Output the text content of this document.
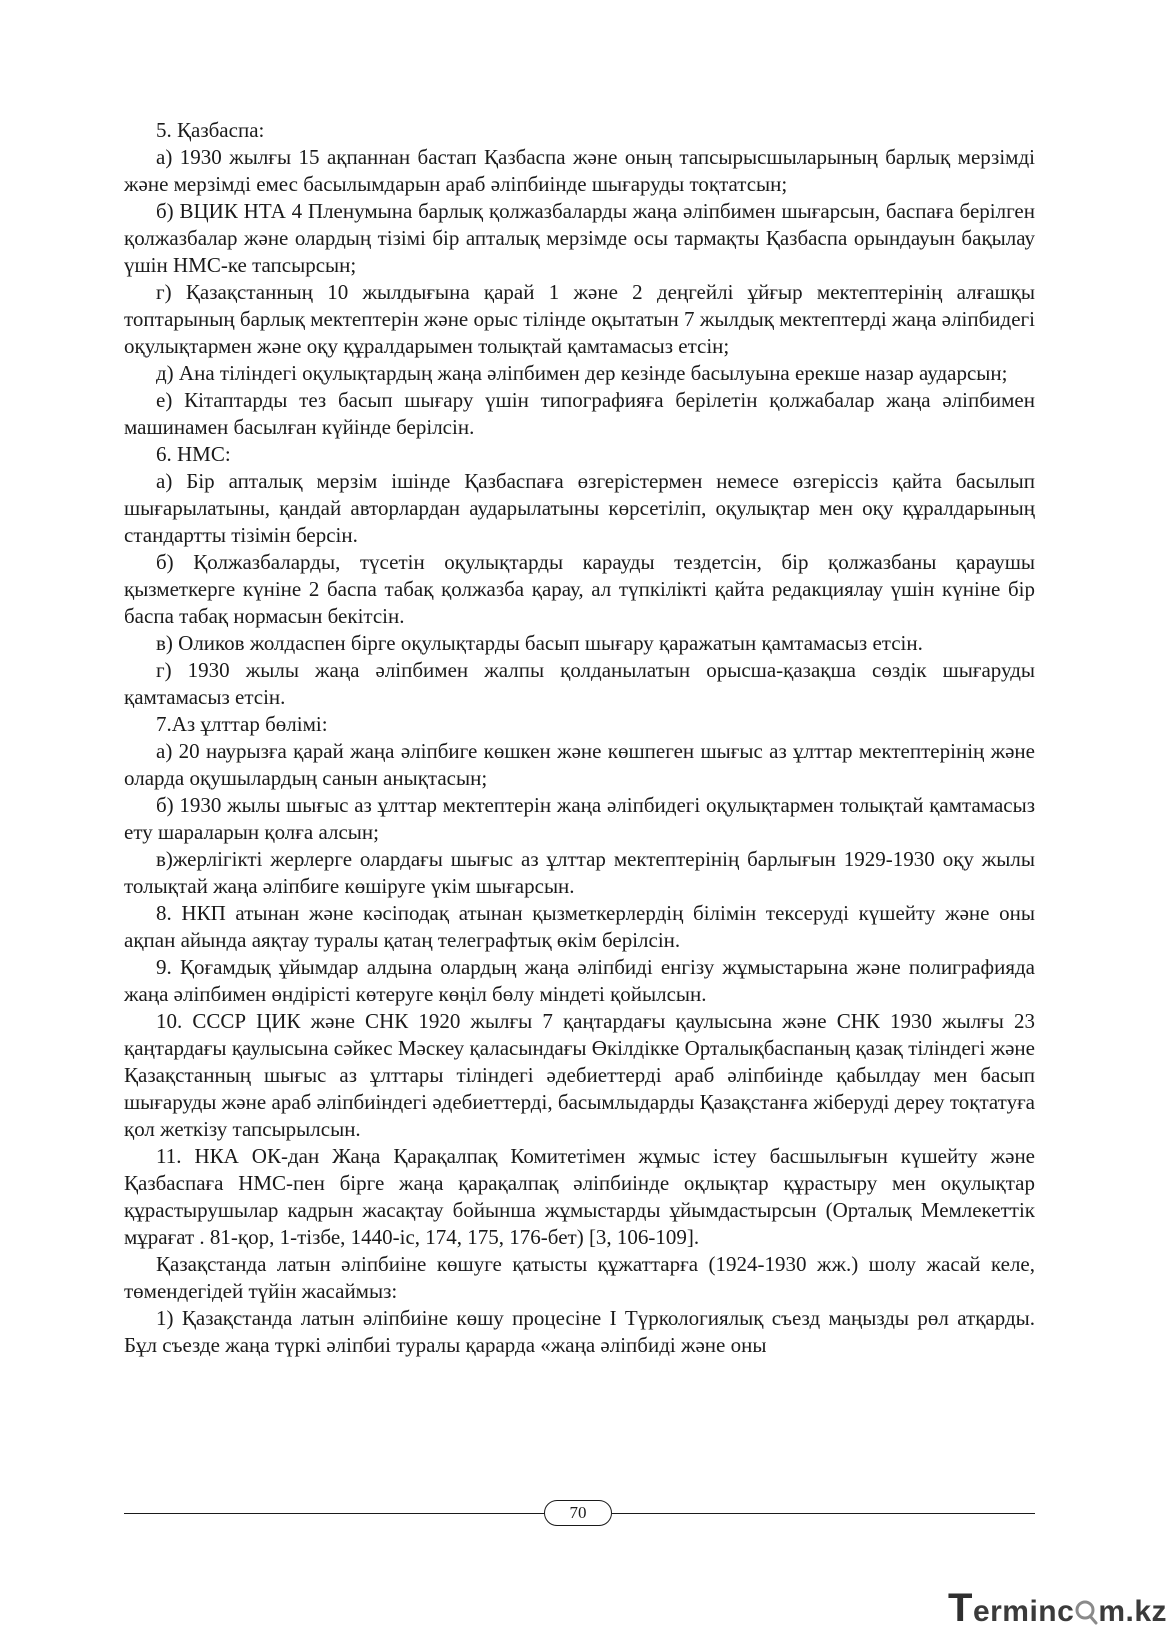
5. Қазбаспа:

а) 1930 жылғы 15 ақпаннан бастап Қазбаспа және оның тапсырысшыларының барлық мерзімді және мерзімді емес басылымдарын араб әліпбиінде шығаруды тоқтатсын;

б) ВЦИК НТА 4 Пленумына барлық қолжазбаларды жаңа әліпбимен шығарсын, баспаға берілген қолжазбалар және олардың тізімі бір апталық мерзімде осы тармақты Қазбаспа орындауын бақылау үшін НМС-ке тапсырсын;

г) Қазақстанның 10 жылдығына қарай 1 және 2 деңгейлі ұйғыр мектептерінің алғашқы топтарының барлық мектептерін және орыс тілінде оқытатын 7 жылдық мектептерді жаңа әліпбидегі оқулықтармен және оқу құралдарымен толықтай қамтамасыз етсін;

д) Ана тіліндегі оқулықтардың жаңа әліпбимен дер кезінде басылуына ерекше назар аударсын;

е) Кітаптарды тез басып шығару үшін типографияға берілетін қолжабалар жаңа әліпбимен машинамен басылған күйінде берілсін.

6. НМС:

а) Бір апталық мерзім ішінде Қазбаспаға өзгерістермен немесе өзгеріссіз қайта басылып шығарылатыны, қандай авторлардан аударылатыны көрсетіліп, оқулықтар мен оқу құралдарының стандартты тізімін берсін.

б) Қолжазбаларды, түсетін оқулықтарды карауды тездетсін, бір қолжазбаны қараушы қызметкерге күніне 2 баспа табақ қолжазба қарау, ал түпкілікті қайта редакциялау үшін күніне бір баспа табақ нормасын бекітсін.

в) Оликов жолдаспен бірге оқулықтарды басып шығару қаражатын қамтамасыз етсін.

г) 1930 жылы жаңа әліпбимен жалпы қолданылатын орысша-қазақша сөздік шығаруды қамтамасыз етсін.

7.Аз ұлттар бөлімі:

а) 20 наурызға қарай жаңа әліпбиге көшкен және көшпеген шығыс аз ұлттар мектептерінің және оларда оқушылардың санын анықтасын;

б) 1930 жылы шығыс аз ұлттар мектептерін жаңа әліпбидегі оқулықтармен толықтай қамтамасыз ету шараларын қолға алсын;

в)жерлігікті жерлерге олардағы шығыс аз ұлттар мектептерінің барлығын 1929-1930 оқу жылы толықтай жаңа әліпбиге көшіруге үкім шығарсын.

8. НКП атынан және кәсіподақ атынан қызметкерлердің білімін тексеруді күшейту және оны ақпан айында аяқтау туралы қатаң телеграфтық өкім берілсін.

9. Қоғамдық ұйымдар алдына олардың жаңа әліпбиді енгізу жұмыстарына және полиграфияда жаңа әліпбимен өндірісті көтеруге көңіл бөлу міндеті қойылсын.

10. СССР ЦИК және СНК 1920 жылғы 7 қаңтардағы қаулысына және СНК 1930 жылғы 23 қаңтардағы қаулысына сәйкес Мәскеу қаласындағы Өкілдікке Орталықбаспаның қазақ тіліндегі және Қазақстанның шығыс аз ұлттары тіліндегі әдебиеттерді араб әліпбиінде қабылдау мен басып шығаруды және араб әліпбиіндегі әдебиеттерді, басымлыдарды Қазақстанға жіберуді дереу тоқтатуға қол жеткізу тапсырылсын.

11. НКА ОК-дан Жаңа Қарақалпақ Комитетімен жұмыс істеу басшылығын күшейту және Қазбаспаға НМС-пен бірге жаңа қарақалпақ әліпбиінде оқлықтар құрастыру мен оқулықтар құрастырушылар кадрын жасақтау бойынша жұмыстарды ұйымдастырсын (Орталық Мемлекеттік мұрағат . 81-қор, 1-тізбе, 1440-іс, 174, 175, 176-бет) [3, 106-109].

Қазақстанда латын әліпбиіне көшуге қатысты құжаттарға (1924-1930 жж.) шолу жасай келе, төмендегідей түйін жасаймыз:

1) Қазақстанда латын әліпбиіне көшу процесіне І Түркологиялық съезд маңызды рөл атқарды. Бұл съезде жаңа түркі әліпбиі туралы қарарда «жаңа әліпбиді және оны

70
Terminc m.kz
